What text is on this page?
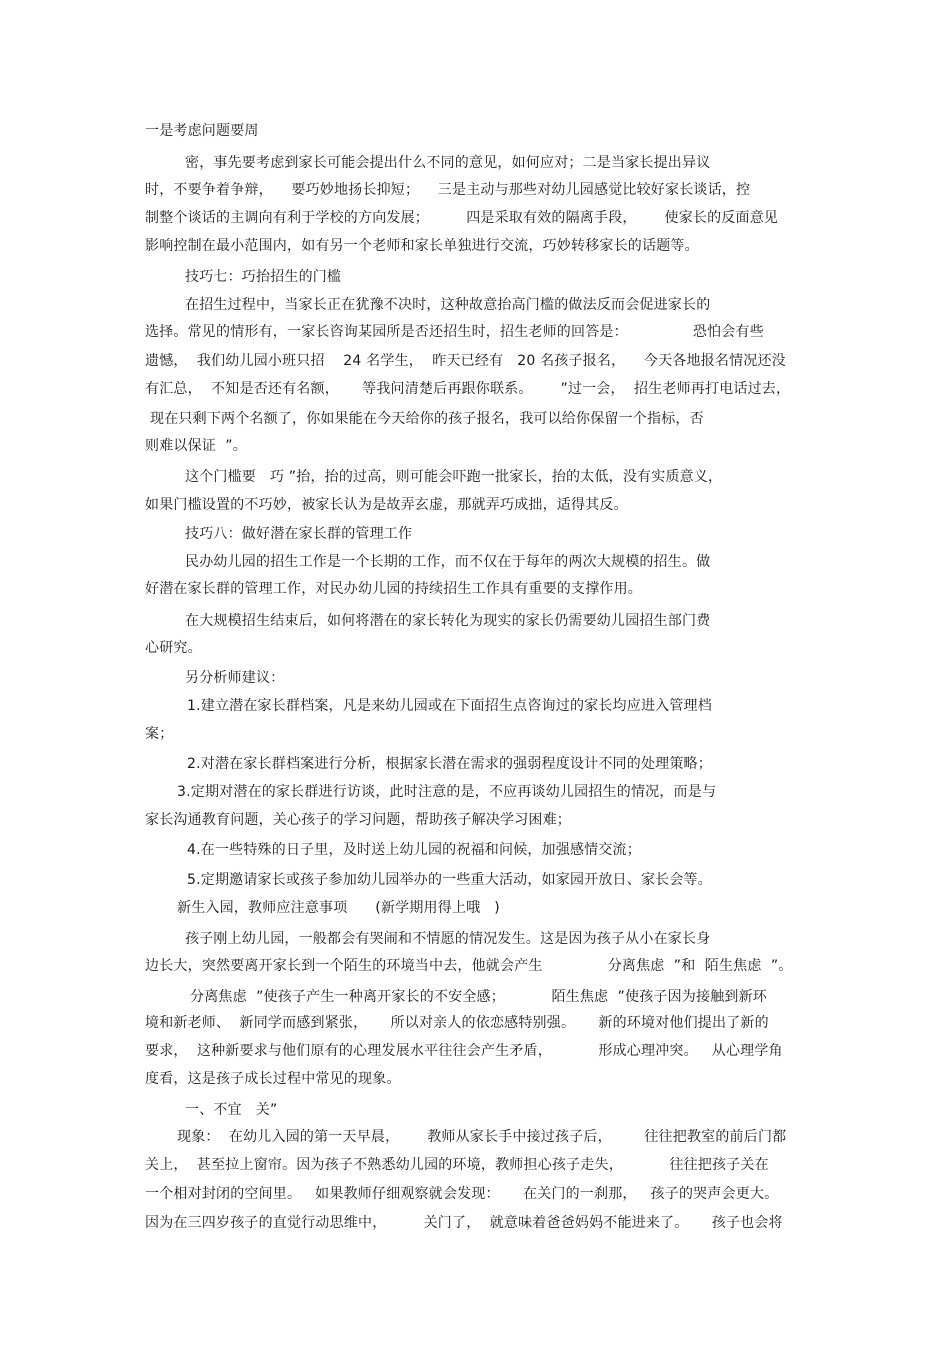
一是考虑问题要周
密，事先要考虑到家长可能会提出什么不同的意见，如何应对；二是当家长提出异议
时，不要争着争辩，    要巧妙地扬长抑短；    三是主动与那些对幼儿园感觉比较好家长谈话，控
制整个谈话的主调向有利于学校的方向发展；        四是采取有效的隔离手段，      使家长的反面意见
影响控制在最小范围内，如有另一个老师和家长单独进行交流，巧妙转移家长的话题等。
技巧七：巧抬招生的门槛
在招生过程中，当家长正在犹豫不决时，这种故意抬高门槛的做法反而会促进家长的
选择。常见的情形有，一家长咨询某园所是否还招生时，招生老师的回答是：              恐怕会有些
遗憾，  我们幼儿园小班只招    24 名学生，  昨天已经有   20 名孩子报名，    今天各地报名情况还没
有汇总，  不知是否还有名额，     等我问清楚后再跟你联系。      ”过一会，  招生老师再打电话过去，
现在只剩下两个名额了，你如果能在今天给你的孩子报名，我可以给你保留一个指标，否
则难以保证  ”。
这个门槛要   巧 ”抬，抬的过高，则可能会吓跑一批家长，抬的太低，没有实质意义，
如果门槛设置的不巧妙，被家长认为是故弄玄虚，那就弄巧成拙，适得其反。
技巧八：做好潜在家长群的管理工作
民办幼儿园的招生工作是一个长期的工作，而不仅在于每年的两次大规模的招生。做
好潜在家长群的管理工作，对民办幼儿园的持续招生工作具有重要的支撑作用。
在大规模招生结束后，如何将潜在的家长转化为现实的家长仍需要幼儿园招生部门费
心研究。
另分析师建议：
1.建立潜在家长群档案，凡是来幼儿园或在下面招生点咨询过的家长均应进入管理档
案；
2.对潜在家长群档案进行分析，根据家长潜在需求的强弱程度设计不同的处理策略；
3.定期对潜在的家长群进行访谈，此时注意的是，不应再谈幼儿园招生的情况，而是与
家长沟通教育问题，关心孩子的学习问题，帮助孩子解决学习困难；
4.在一些特殊的日子里，及时送上幼儿园的祝福和问候，加强感情交流；
5.定期邀请家长或孩子参加幼儿园举办的一些重大活动，如家园开放日、家长会等。
新生入园，教师应注意事项      (新学期用得上哦   )
孩子刚上幼儿园，一般都会有哭闹和不情愿的情况发生。这是因为孩子从小在家长身
边长大，突然要离开家长到一个陌生的环境当中去，他就会产生              分离焦虑  ”和  陌生焦虑  ”。
分离焦虑  ”使孩子产生一种离开家长的不安全感；          陌生焦虑  ”使孩子因为接触到新环
境和新老师、  新同学而感到紧张，     所以对亲人的依恋感特别强。     新的环境对他们提出了新的
要求，  这种新要求与他们原有的心理发展水平往往会产生矛盾，          形成心理冲突。   从心理学角
度看，这是孩子成长过程中常见的现象。
一、不宜   关”
现象：  在幼儿入园的第一天早晨，      教师从家长手中接过孩子后，       往往把教室的前后门都
关上，  甚至拉上窗帘。因为孩子不熟悉幼儿园的环境，教师担心孩子走失，          往往把孩子关在
一个相对封闭的空间里。   如果教师仔细观察就会发现：     在关门的一刹那，   孩子的哭声会更大。
因为在三四岁孩子的直觉行动思维中，        关门了，  就意味着爸爸妈妈不能进来了。     孩子也会将
